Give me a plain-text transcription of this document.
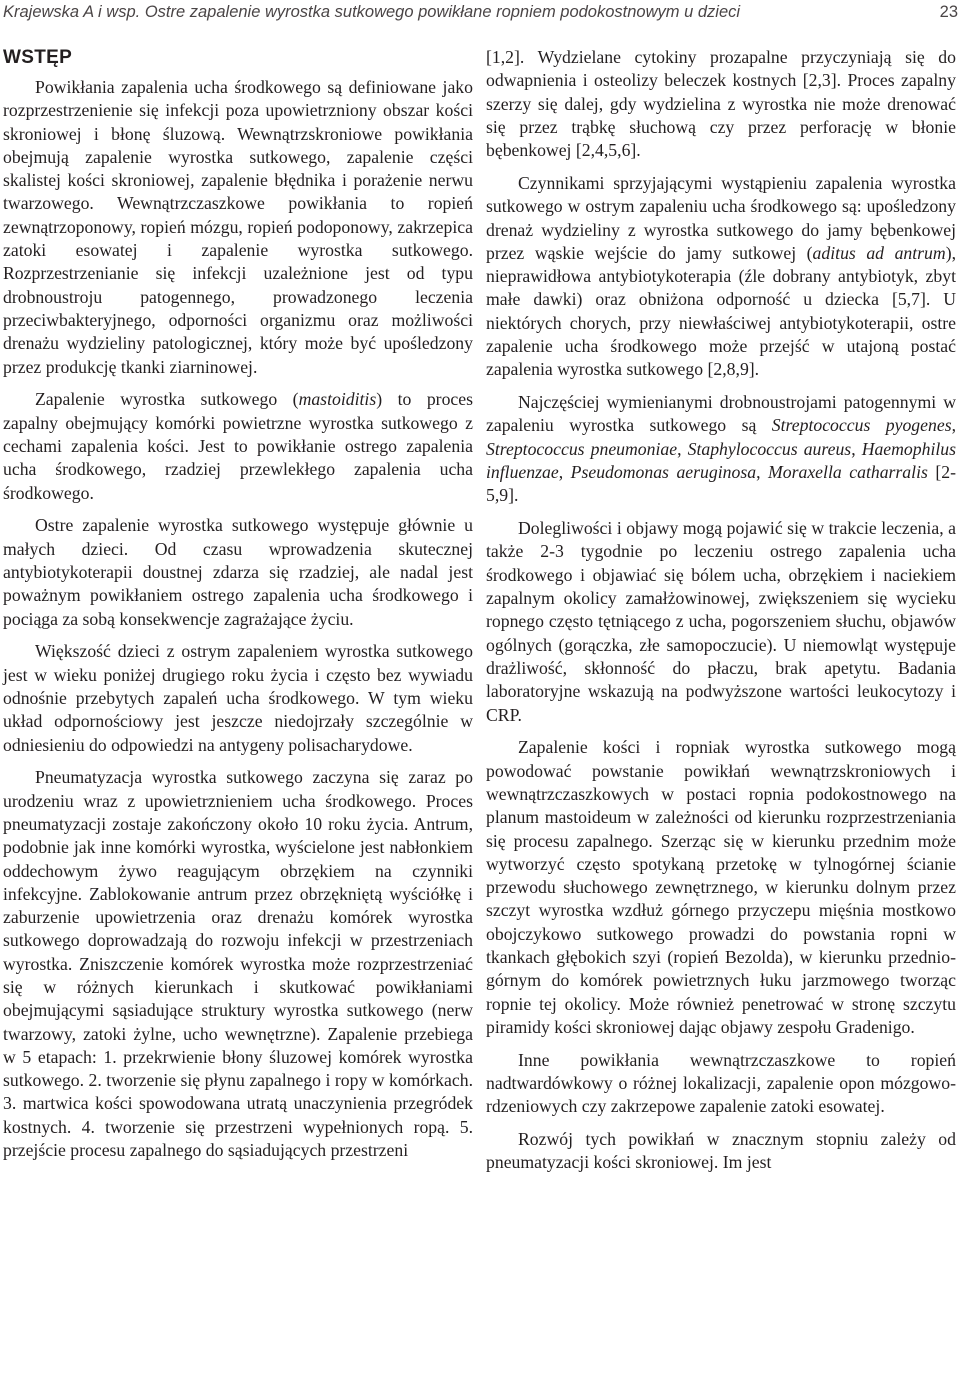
Krajewska A i wsp. Ostre zapalenie wyrostka sutkowego powikłane ropniem podokostnowym u dzieci	23
WSTĘP

Powikłania zapalenia ucha środkowego są definiowane jako rozprzestrzenienie się infekcji poza upowietrzniony obszar kości skroniowej i błonę śluzową. Wewnątrzskroniowe powikłania obejmują zapalenie wyrostka sutkowego, zapalenie części skalistej kości skroniowej, zapalenie błędnika i porażenie nerwu twarzowego. Wewnątrzczaszkowe powikłania to ropień zewnątrzoponowy, ropień mózgu, ropień podoponowy, zakrzepica zatoki esowatej i zapalenie wyrostka sutkowego. Rozprzestrzenianie się infekcji uzależnione jest od typu drobnoustroju patogennego, prowadzonego leczenia przeciwbakteryjnego, odporności organizmu oraz możliwości drenażu wydzieliny patologicznej, który może być upośledzony przez produkcję tkanki ziarninowej.

Zapalenie wyrostka sutkowego (mastoiditis) to proces zapalny obejmujący komórki powietrzne wyrostka sutkowego z cechami zapalenia kości. Jest to powikłanie ostrego zapalenia ucha środkowego, rzadziej przewlekłego zapalenia ucha środkowego.

Ostre zapalenie wyrostka sutkowego występuje głównie u małych dzieci. Od czasu wprowadzenia skutecznej antybiotykoterapii doustnej zdarza się rzadziej, ale nadal jest poważnym powikłaniem ostrego zapalenia ucha środkowego i pociąga za sobą konsekwencje zagrażające życiu.

Większość dzieci z ostrym zapaleniem wyrostka sutkowego jest w wieku poniżej drugiego roku życia i często bez wywiadu odnośnie przebytych zapaleń ucha środkowego. W tym wieku układ odpornościowy jest jeszcze niedojrzały szczególnie w odniesieniu do odpowiedzi na antygeny polisacharydowe.

Pneumatyzacja wyrostka sutkowego zaczyna się zaraz po urodzeniu wraz z upowietrznieniem ucha środkowego. Proces pneumatyzacji zostaje zakończony około 10 roku życia. Antrum, podobnie jak inne komórki wyrostka, wyścielone jest nabłonkiem oddechowym żywo reagującym obrzękiem na czynniki infekcyjne. Zablokowanie antrum przez obrzękniętą wyściółkę i zaburzenie upowietrzenia oraz drenażu komórek wyrostka sutkowego doprowadzają do rozwoju infekcji w przestrzeniach wyrostka. Zniszczenie komórek wyrostka może rozprzestrzeniać się w różnych kierunkach i skutkować powikłaniami obejmującymi sąsiadujące struktury wyrostka sutkowego (nerw twarzowy, zatoki żylne, ucho wewnętrzne). Zapalenie przebiega w 5 etapach: 1. przekrwienie błony śluzowej komórek wyrostka sutkowego. 2. tworzenie się płynu zapalnego i ropy w komórkach. 3. martwica kości spowodowana utratą unaczynienia przegródek kostnych. 4. tworzenie się przestrzeni wypełnionych ropą. 5. przejście procesu zapalnego do sąsiadujących przestrzeni

[1,2]. Wydzielane cytokiny prozapalne przyczyniają się do odwapnienia i osteolizy beleczek kostnych [2,3]. Proces zapalny szerzy się dalej, gdy wydzielina z wyrostka nie może drenować się przez trąbkę słuchową czy przez perforację w błonie bębenkowej [2,4,5,6].

Czynnikami sprzyjającymi wystąpieniu zapalenia wyrostka sutkowego w ostrym zapaleniu ucha środkowego są: upośledzony drenaż wydzieliny z wyrostka sutkowego do jamy bębenkowej przez wąskie wejście do jamy sutkowej (aditus ad antrum), nieprawidłowa antybiotykoterapia (źle dobrany antybiotyk, zbyt małe dawki) oraz obniżona odporność u dziecka [5,7]. U niektórych chorych, przy niewłaściwej antybiotykoterapii, ostre zapalenie ucha środkowego może przejść w utajoną postać zapalenia wyrostka sutkowego [2,8,9].

Najczęściej wymienianymi drobnoustrojami patogennymi w zapaleniu wyrostka sutkowego są Streptococcus pyogenes, Streptococcus pneumoniae, Staphylococcus aureus, Haemophilus influenzae, Pseudomonas aeruginosa, Moraxella catharralis [2-5,9].

Dolegliwości i objawy mogą pojawić się w trakcie leczenia, a także 2-3 tygodnie po leczeniu ostrego zapalenia ucha środkowego i objawiać się bólem ucha, obrzękiem i naciekiem zapalnym okolicy zamałżowinowej, zwiększeniem się wycieku ropnego często tętniącego z ucha, pogorszeniem słuchu, objawów ogólnych (gorączka, złe samopoczucie). U niemowląt występuje drażliwość, skłonność do płaczu, brak apetytu. Badania laboratoryjne wskazują na podwyższone wartości leukocytozy i CRP.

Zapalenie kości i ropniak wyrostka sutkowego mogą powodować powstanie powikłań wewnątrzskroniowych i wewnątrzczaszkowych w postaci ropnia podokostnowego na planum mastoideum w zależności od kierunku rozprzestrzeniania się procesu zapalnego. Szerząc się w kierunku przednim może wytworzyć często spotykaną przetokę w tylnogórnej ścianie przewodu słuchowego zewnętrznego, w kierunku dolnym przez szczyt wyrostka wzdłuż górnego przyczepu mięśnia mostkowo obojczykowo sutkowego prowadzi do powstania ropni w tkankach głębokich szyi (ropień Bezolda), w kierunku przednio-górnym do komórek powietrznych łuku jarzmowego tworząc ropnie tej okolicy. Może również penetrować w stronę szczytu piramidy kości skroniowej dając objawy zespołu Gradenigo.

Inne powikłania wewnątrzczaszkowe to ropień nadtwardówkowy o różnej lokalizacji, zapalenie opon mózgowo-rdzeniowych czy zakrzepowe zapalenie zatoki esowatej.

Rozwój tych powikłań w znacznym stopniu zależy od pneumatyzacji kości skroniowej. Im jest
